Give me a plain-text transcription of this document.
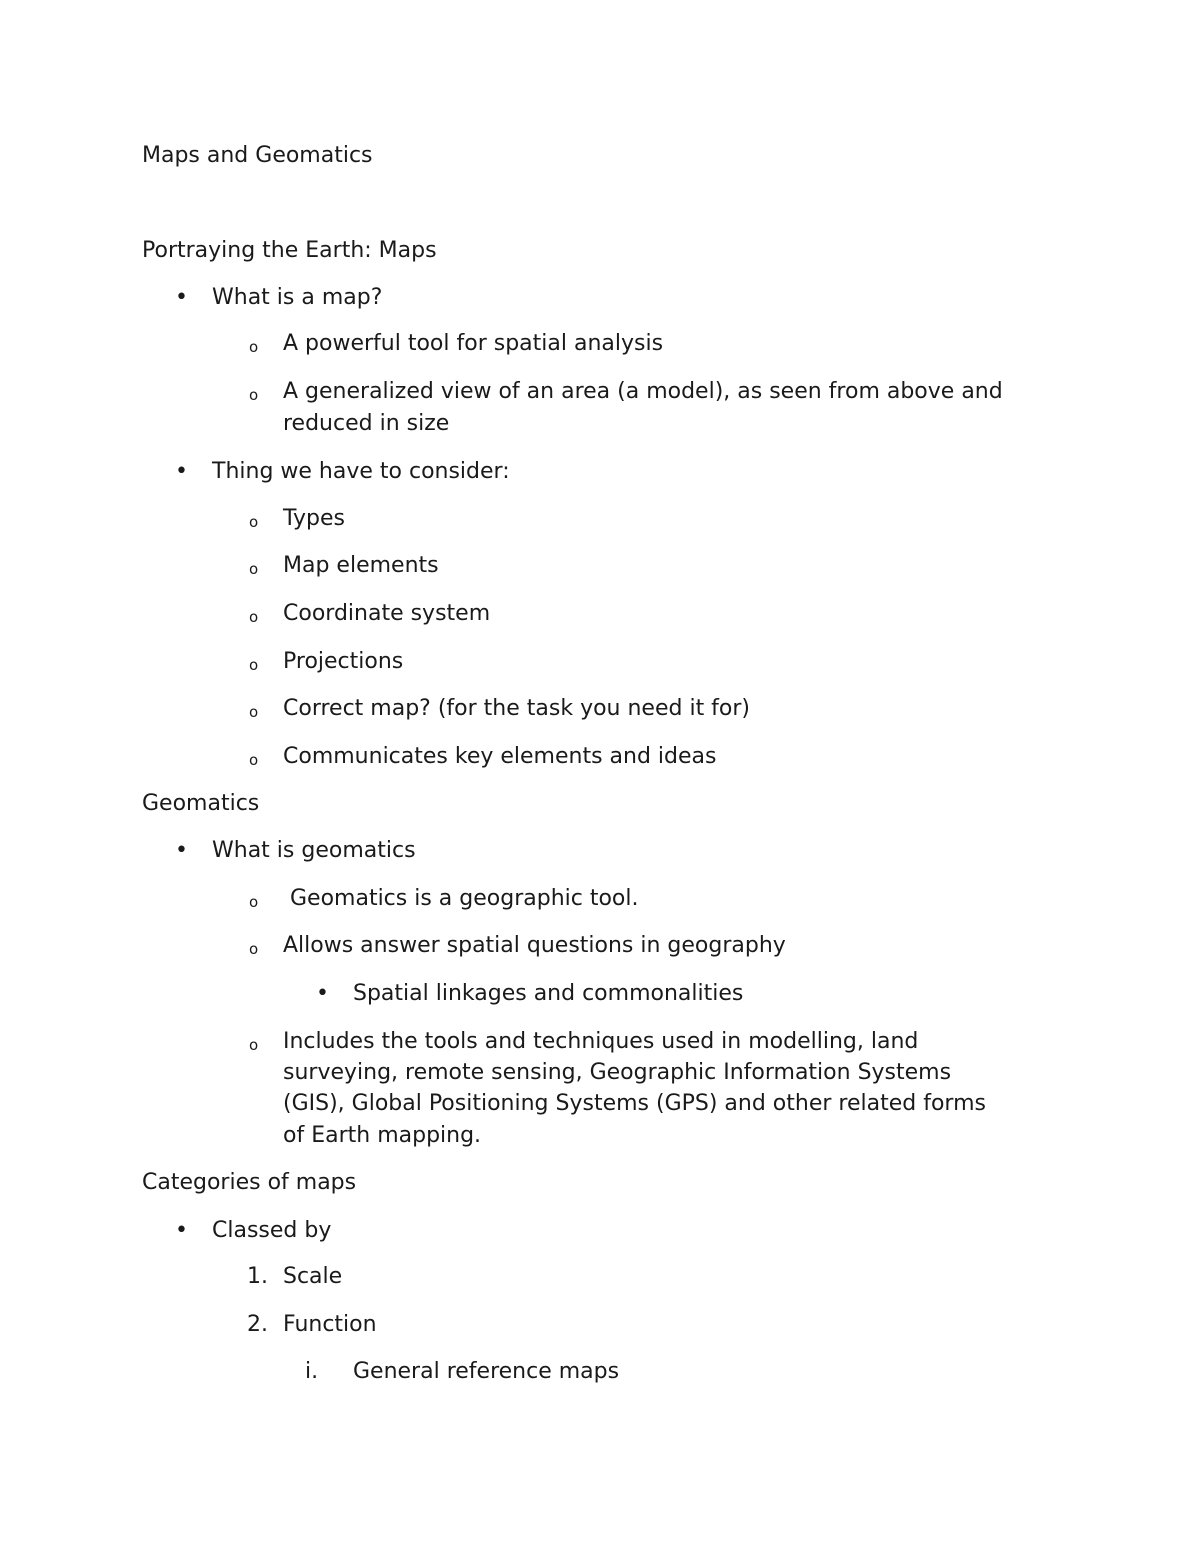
Maps and Geomatics
Portraying the Earth: Maps
• What is a map?
o A powerful tool for spatial analysis
o A generalized view of an area (a model), as seen from above and
reduced in size
• Thing we have to consider:
o Types
o Map elements
o Coordinate system
o Projections
o Correct map? (for the task you need it for)
o Communicates key elements and ideas
Geomatics
• What is geomatics
o Geomatics is a geographic tool.
o Allows answer spatial questions in geography
• Spatial linkages and commonalities
o Includes the tools and techniques used in modelling, land
surveying, remote sensing, Geographic Information Systems
(GIS), Global Positioning Systems (GPS) and other related forms
of Earth mapping.
Categories of maps
• Classed by
1. Scale
2. Function
i. General reference maps
